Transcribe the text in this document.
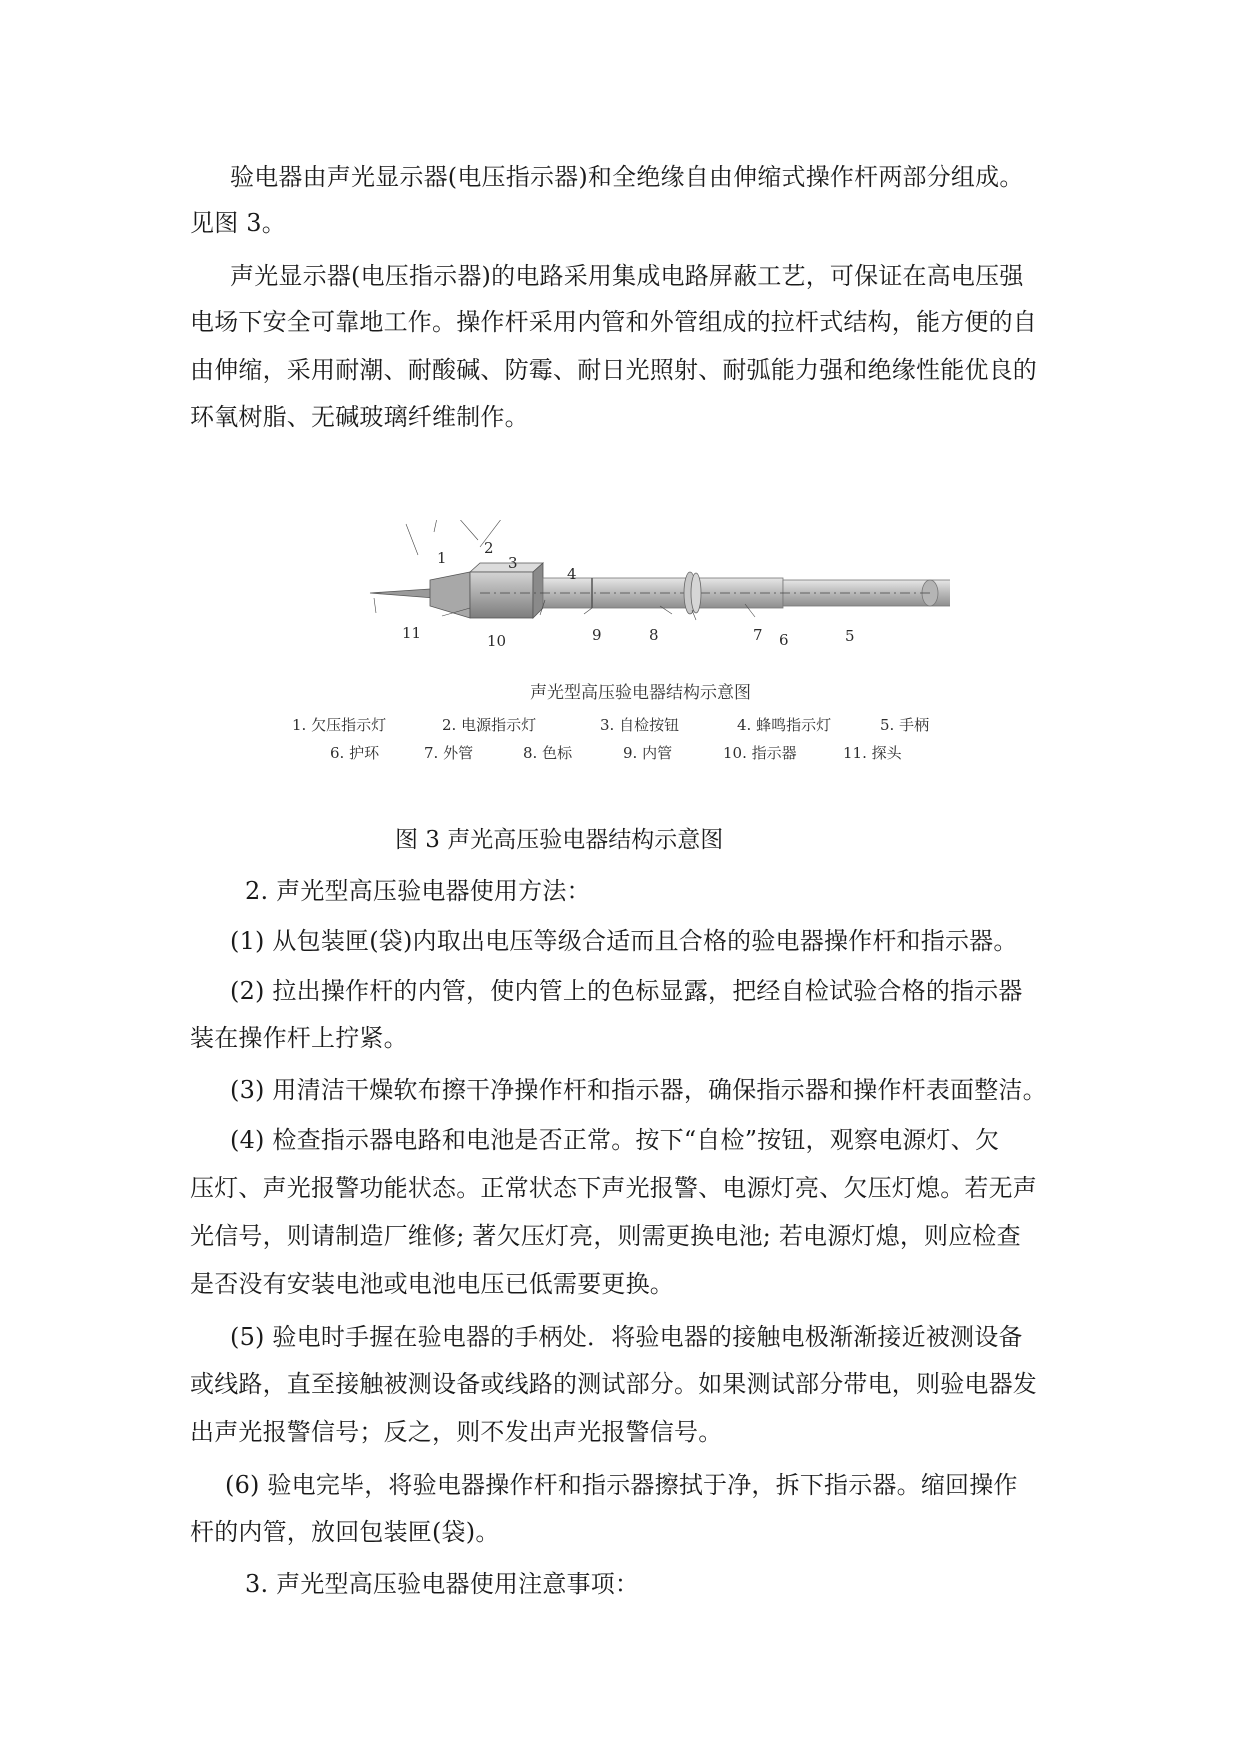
验电器由声光显示器(电压指示器)和全绝缘自由伸缩式操作杆两部分组成。
见图 3。
声光显示器(电压指示器)的电路采用集成电路屏蔽工艺，可保证在高电压强
电场下安全可靠地工作。操作杆采用内管和外管组成的拉杆式结构，能方便的自
由伸缩，采用耐潮、耐酸碱、防霉、耐日光照射、耐弧能力强和绝缘性能优良的
环氧树脂、无碱玻璃纤维制作。
1
2
3
4
5
6
7
8
9
10
11
声光型高压验电器结构示意图
1. 欠压指示灯	2. 电源指示灯	3. 自检按钮	4. 蜂鸣指示灯	5. 手柄
6. 护环	7. 外管	8. 色标	9. 内管	10. 指示器	11. 探头
图 3 声光高压验电器结构示意图
2. 声光型高压验电器使用方法：
(1) 从包装匣(袋)内取出电压等级合适而且合格的验电器操作杆和指示器。
(2) 拉出操作杆的内管，使内管上的色标显露，把经自检试验合格的指示器
装在操作杆上拧紧。
(3) 用清洁干燥软布擦干净操作杆和指示器，确保指示器和操作杆表面整洁。
(4) 检查指示器电路和电池是否正常。按下“自检”按钮，观察电源灯、欠
压灯、声光报警功能状态。正常状态下声光报警、电源灯亮、欠压灯熄。若无声
光信号，则请制造厂维修; 著欠压灯亮，则需更换电池; 若电源灯熄，则应检查
是否没有安装电池或电池电压已低需要更换。
(5) 验电时手握在验电器的手柄处．将验电器的接触电极渐渐接近被测设备
或线路，直至接触被测设备或线路的测试部分。如果测试部分带电，则验电器发
出声光报警信号；反之，则不发出声光报警信号。
(6) 验电完毕，将验电器操作杆和指示器擦拭于净，拆下指示器。缩回操作
杆的内管，放回包装匣(袋)。
3. 声光型高压验电器使用注意事项：
